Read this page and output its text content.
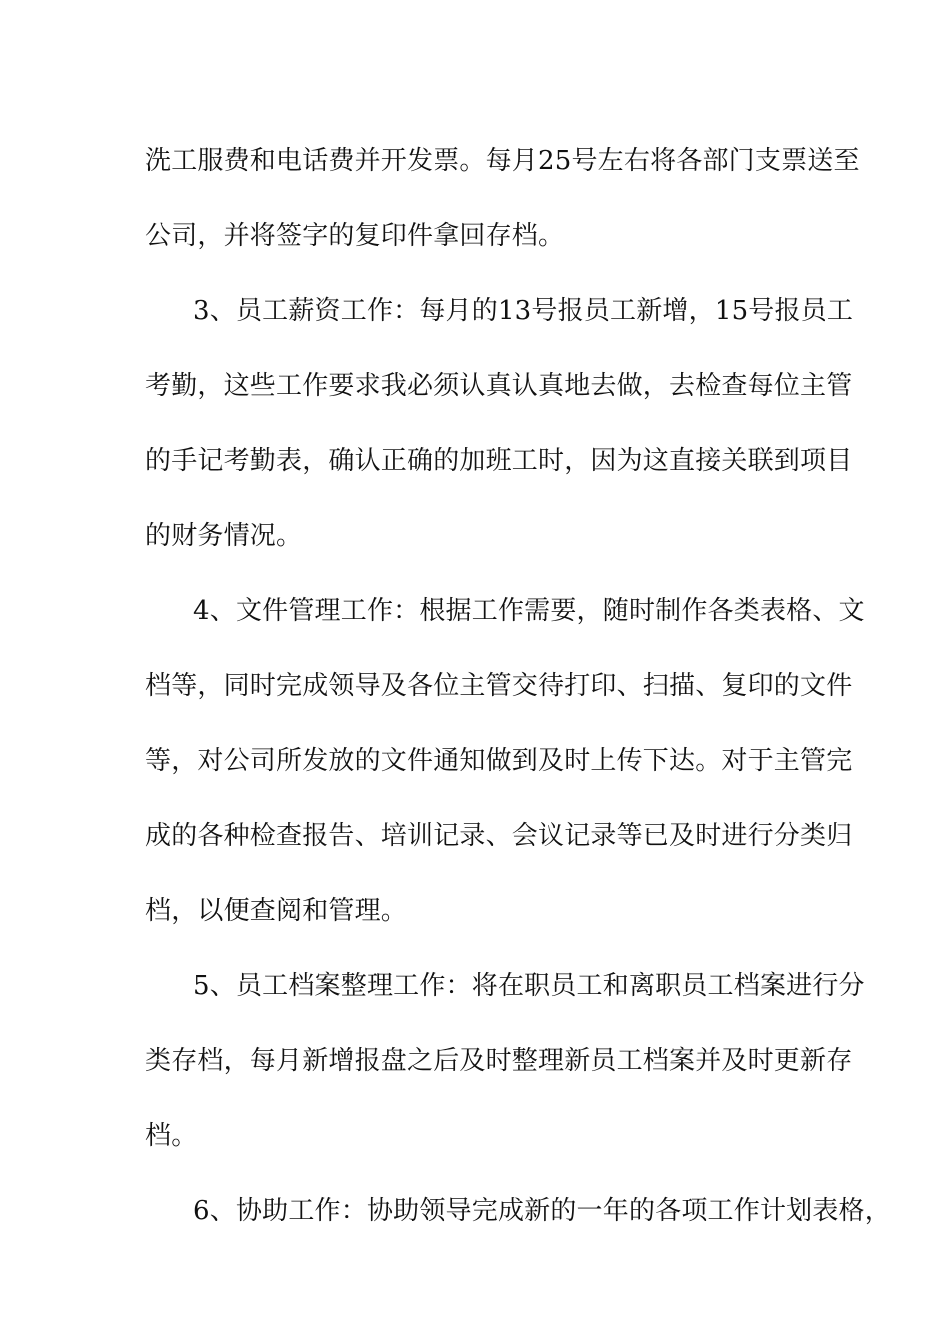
洗工服费和电话费并开发票。每月25号左右将各部门支票送至
公司，并将签字的复印件拿回存档。
3、员工薪资工作：每月的13号报员工新增，15号报员工
考勤，这些工作要求我必须认真认真地去做，去检查每位主管
的手记考勤表，确认正确的加班工时，因为这直接关联到项目
的财务情况。
4、文件管理工作：根据工作需要，随时制作各类表格、文
档等，同时完成领导及各位主管交待打印、扫描、复印的文件
等，对公司所发放的文件通知做到及时上传下达。对于主管完
成的各种检查报告、培训记录、会议记录等已及时进行分类归
档，以便查阅和管理。
5、员工档案整理工作：将在职员工和离职员工档案进行分
类存档，每月新增报盘之后及时整理新员工档案并及时更新存
档。
6、协助工作：协助领导完成新的一年的各项工作计划表格，
